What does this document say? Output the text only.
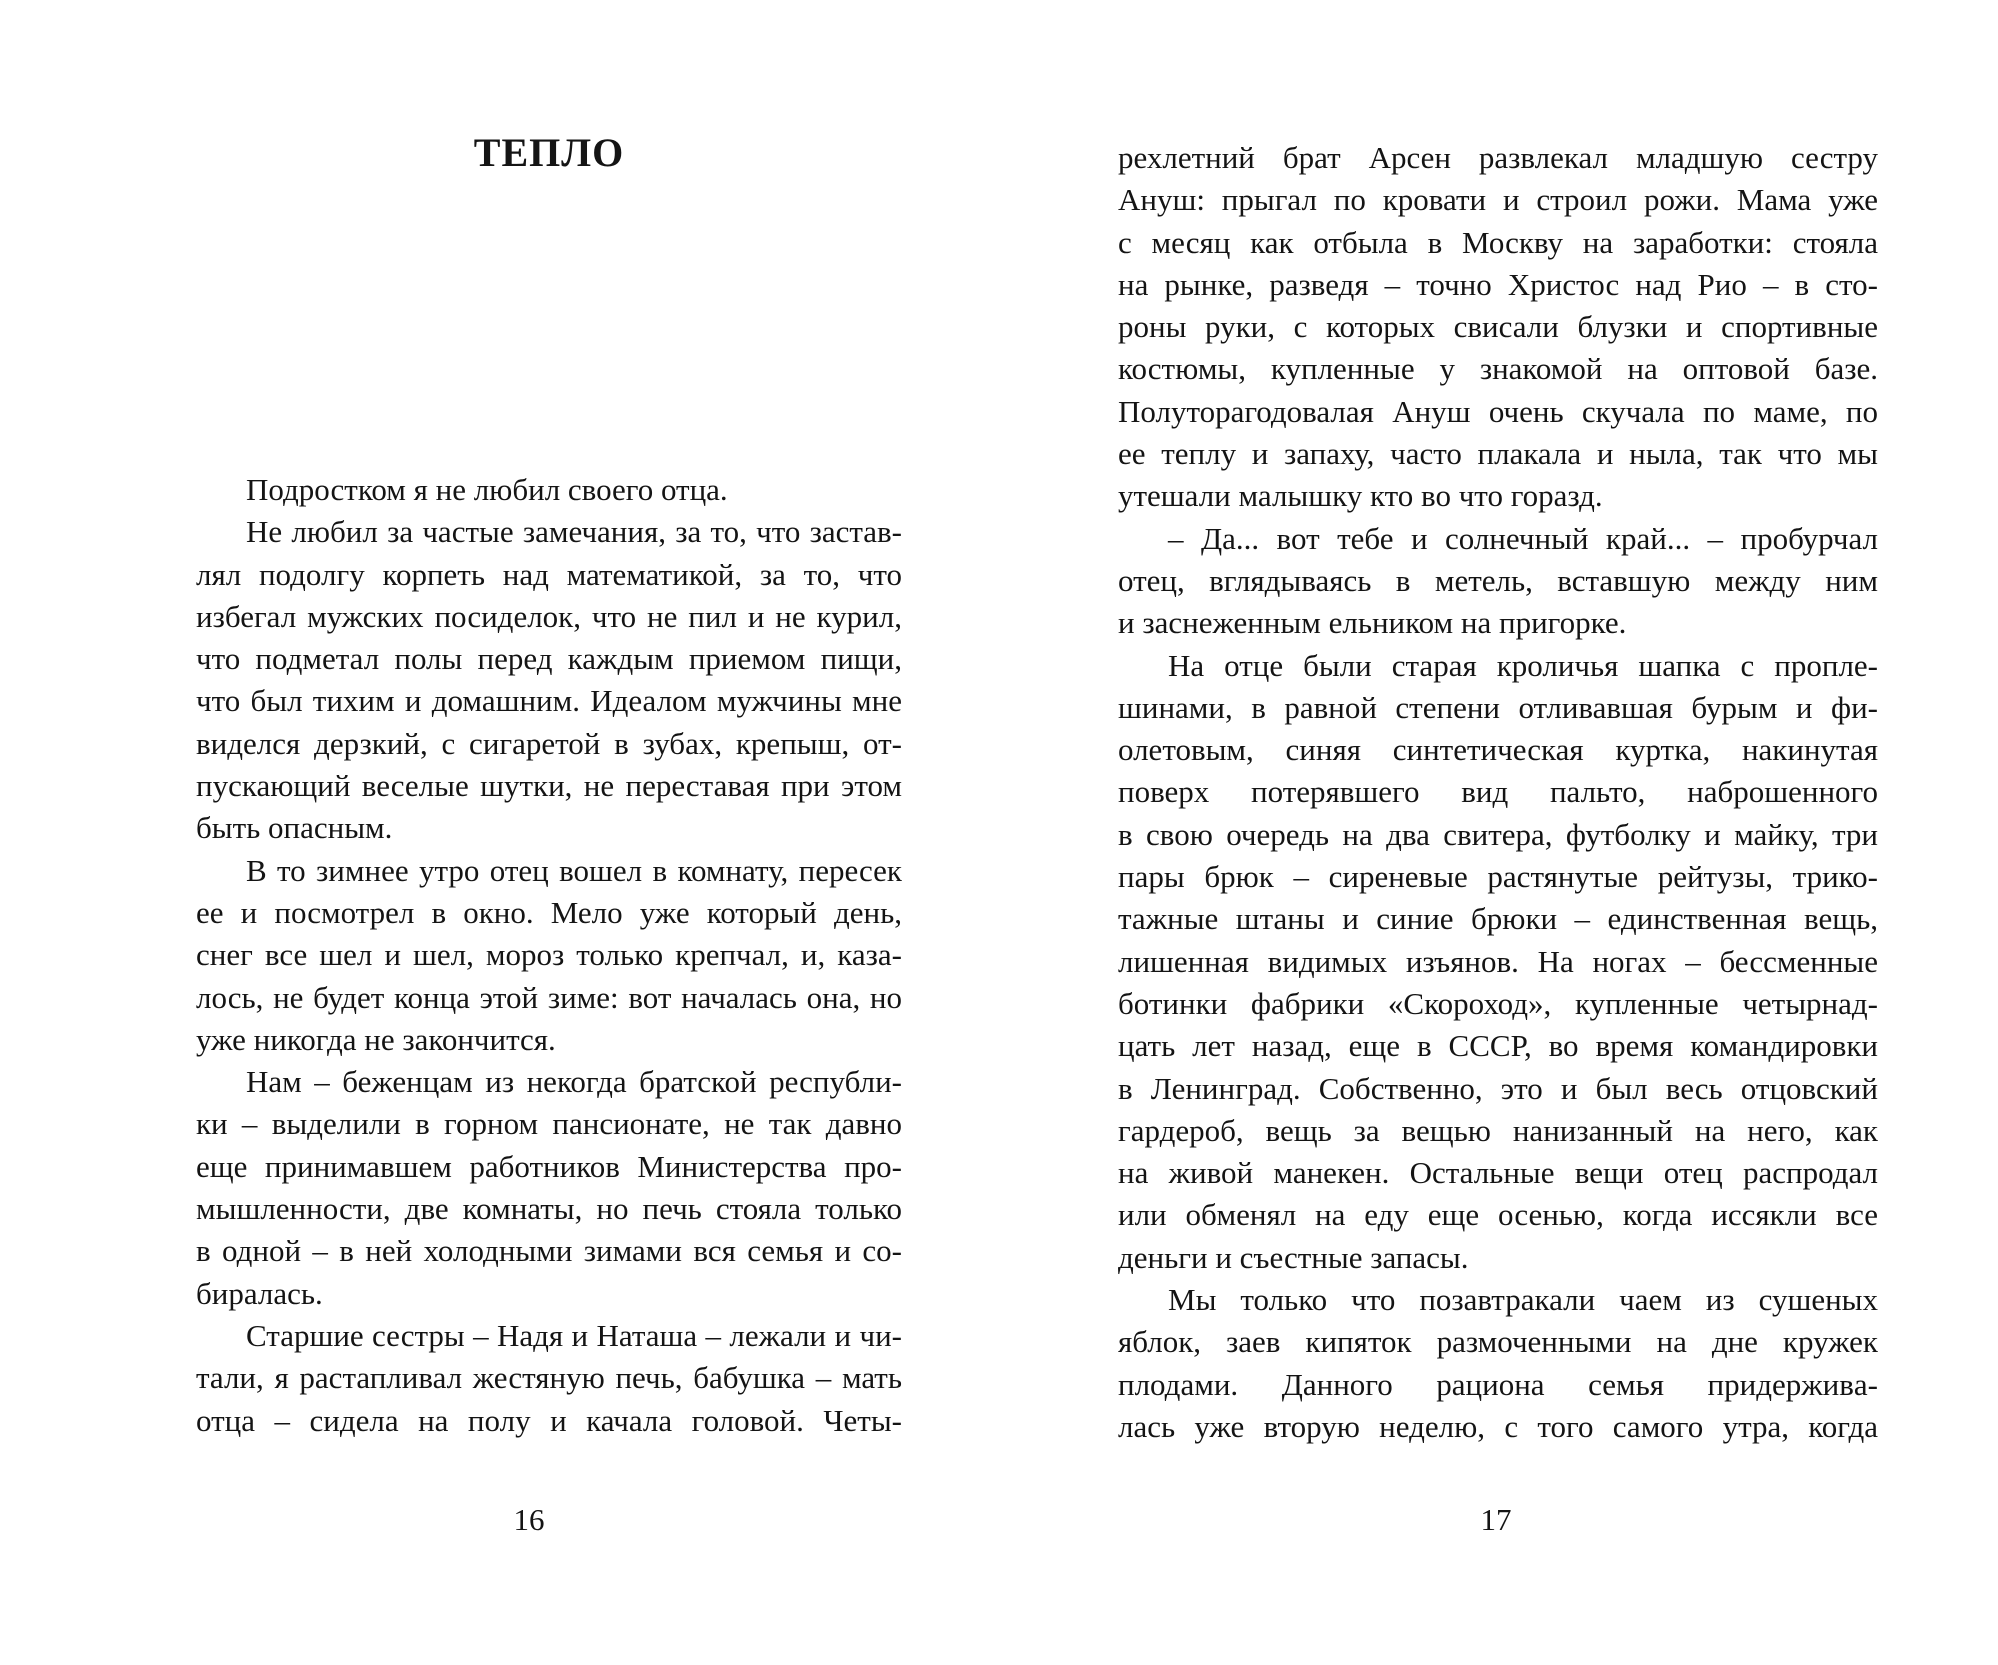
ТЕПЛО
Подростком я не любил своего отца.
Не любил за частые замечания, за то, что застав-
лял подолгу корпеть над математикой, за то, что
избегал мужских посиделок, что не пил и не курил,
что подметал полы перед каждым приемом пищи,
что был тихим и домашним. Идеалом мужчины мне
виделся дерзкий, с сигаретой в зубах, крепыш, от-
пускающий веселые шутки, не переставая при этом
быть опасным.
В то зимнее утро отец вошел в комнату, пересек
ее и посмотрел в окно. Мело уже который день,
снег все шел и шел, мороз только крепчал, и, каза-
лось, не будет конца этой зиме: вот началась она, но
уже никогда не закончится.
Нам – беженцам из некогда братской республи-
ки – выделили в горном пансионате, не так давно
еще принимавшем работников Министерства про-
мышленности, две комнаты, но печь стояла только
в одной – в ней холодными зимами вся семья и со-
биралась.
Старшие сестры – Надя и Наташа – лежали и чи-
тали, я растапливал жестяную печь, бабушка – мать
отца – сидела на полу и качала головой. Четы-

16

рехлетний брат Арсен развлекал младшую сестру
Ануш: прыгал по кровати и строил рожи. Мама уже
с месяц как отбыла в Москву на заработки: стояла
на рынке, разведя – точно Христос над Рио – в сто-
роны руки, с которых свисали блузки и спортивные
костюмы, купленные у знакомой на оптовой базе.
Полуторагодовалая Ануш очень скучала по маме, по
ее теплу и запаху, часто плакала и ныла, так что мы
утешали малышку кто во что горазд.
– Да... вот тебе и солнечный край... – пробурчал
отец, вглядываясь в метель, вставшую между ним
и заснеженным ельником на пригорке.
На отце были старая кроличья шапка с пропле-
шинами, в равной степени отливавшая бурым и фи-
олетовым, синяя синтетическая куртка, накинутая
поверх потерявшего вид пальто, наброшенного
в свою очередь на два свитера, футболку и майку, три
пары брюк – сиреневые растянутые рейтузы, трико-
тажные штаны и синие брюки – единственная вещь,
лишенная видимых изъянов. На ногах – бессменные
ботинки фабрики «Скороход», купленные четырнад-
цать лет назад, еще в СССР, во время командировки
в Ленинград. Собственно, это и был весь отцовский
гардероб, вещь за вещью нанизанный на него, как
на живой манекен. Остальные вещи отец распродал
или обменял на еду еще осенью, когда иссякли все
деньги и съестные запасы.
Мы только что позавтракали чаем из сушеных
яблок, заев кипяток размоченными на дне кружек
плодами. Данного рациона семья придерживa-
лась уже вторую неделю, с того самого утра, когда

17
